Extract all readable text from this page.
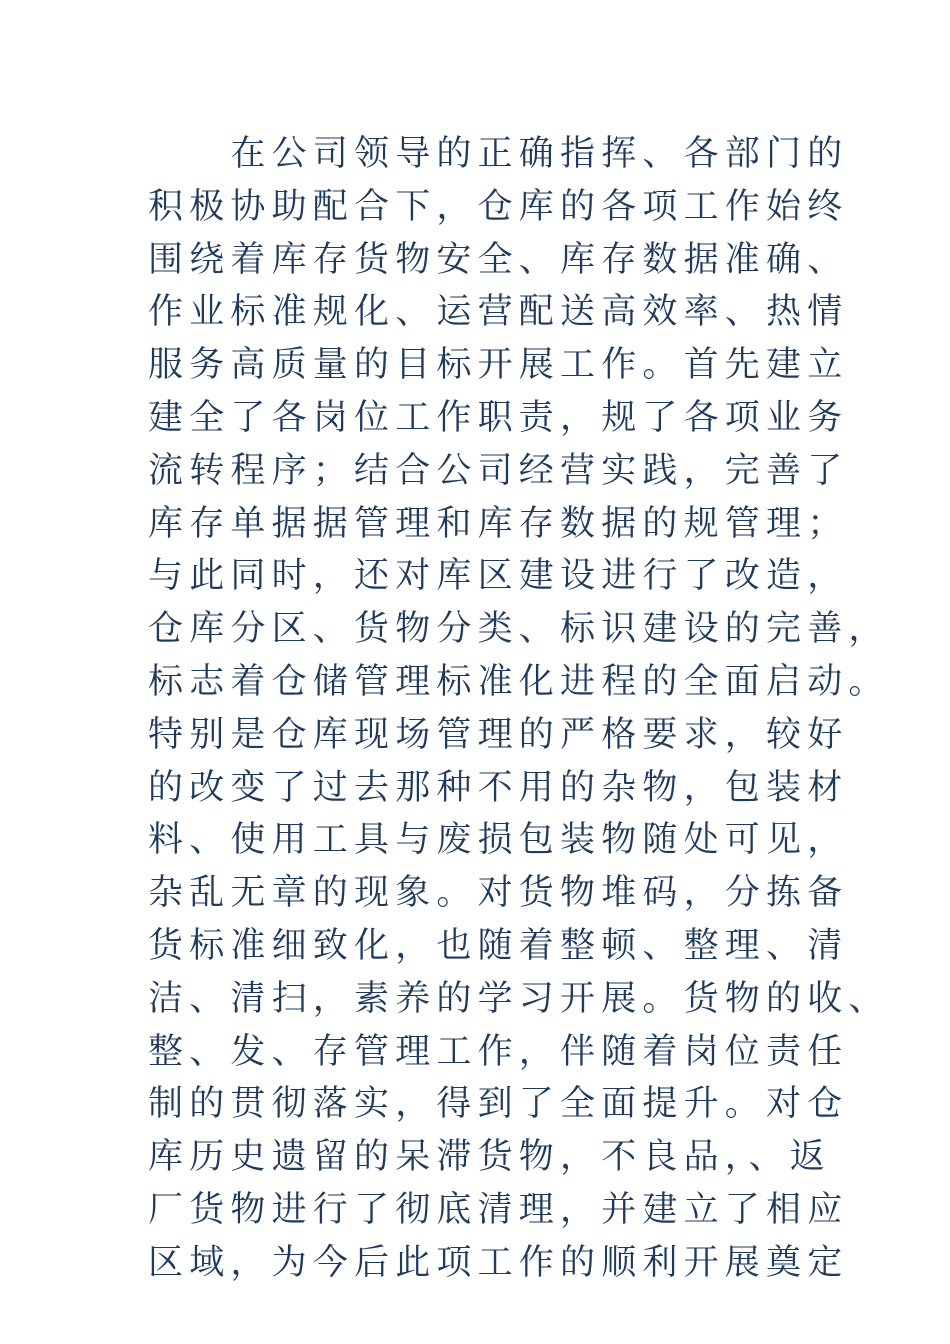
　　在公司领导的正确指挥、各部门的
积极协助配合下，仓库的各项工作始终
围绕着库存货物安全、库存数据准确、
作业标准规化、运营配送高效率、热情
服务高质量的目标开展工作。首先建立
建全了各岗位工作职责，规了各项业务
流转程序；结合公司经营实践，完善了
库存单据据管理和库存数据的规管理；
与此同时，还对库区建设进行了改造，
仓库分区、货物分类、标识建设的完善，
标志着仓储管理标准化进程的全面启动。
特别是仓库现场管理的严格要求，较好
的改变了过去那种不用的杂物，包装材
料、使用工具与废损包装物随处可见，
杂乱无章的现象。对货物堆码，分拣备
货标准细致化，也随着整顿、整理、清
洁、清扫，素养的学习开展。货物的收、
整、发、存管理工作，伴随着岗位责任
制的贯彻落实，得到了全面提升。对仓
库历史遗留的呆滞货物，不良品，、返
厂货物进行了彻底清理，并建立了相应
区域，为今后此项工作的顺利开展奠定
